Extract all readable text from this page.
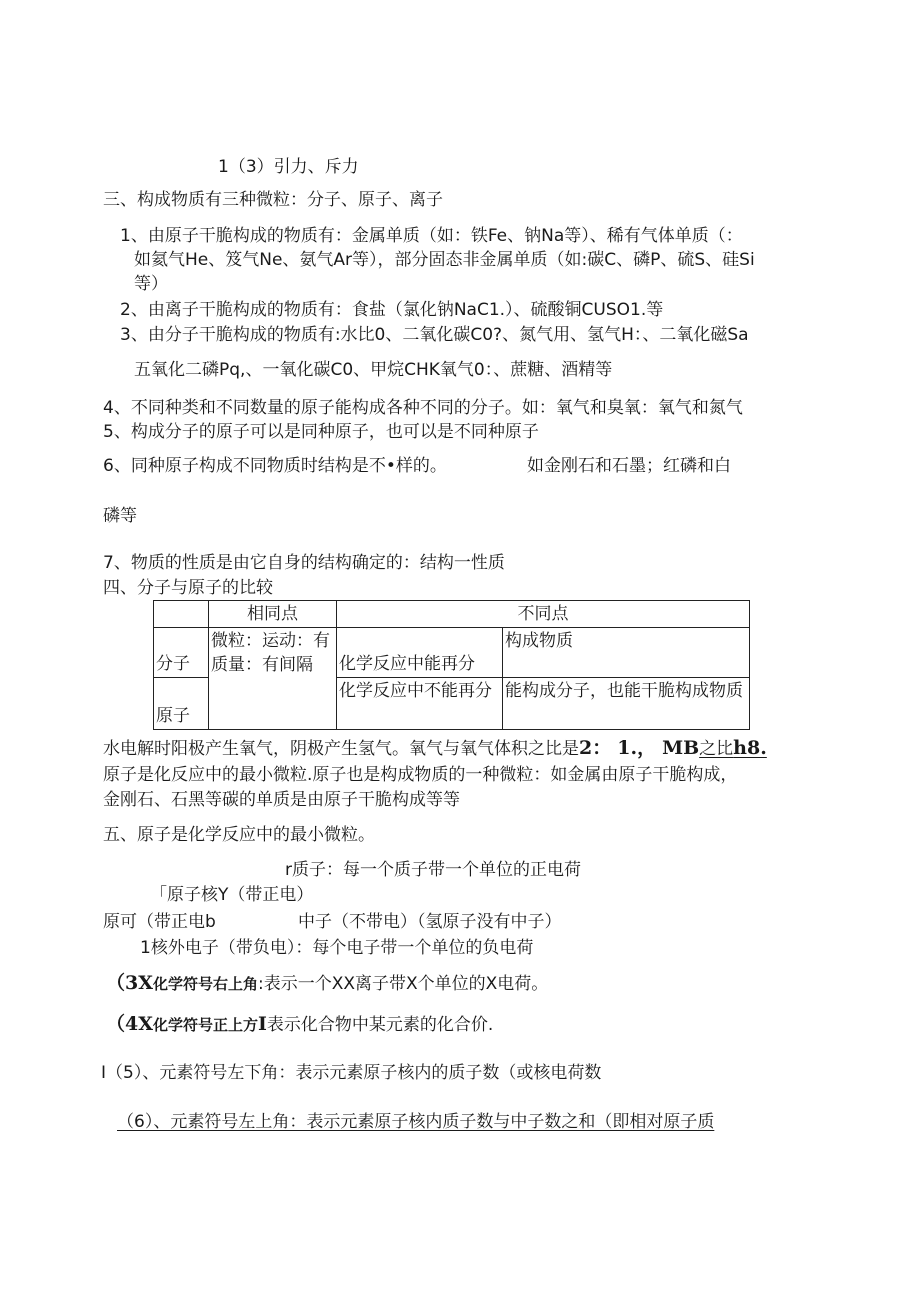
1（3）引力、斥力
三、构成物质有三种微粒：分子、原子、离子
1、由原子干脆构成的物质有：金属单质（如：铁Fe、钠Na等）、稀有气体单质（：
如氦气He、笈气Ne、氨气Ar等），部分固态非金属单质（如:碳C、磷P、硫S、硅Si
等）
2、由离子干脆构成的物质有：食盐（氯化钠NaC1.）、硫酸铜CUSO1.等
3、由分子干脆构成的物质有:水比0、二氧化碳C0?、氮气用、氢气H：、二氧化磁Sa
五氧化二磷Pq,、一氧化碳C0、甲烷CHK氧气0：、蔗糖、酒精等
4、不同种类和不同数量的原子能构成各种不同的分子。如：氧气和臭氧：氧气和氮气
5、构成分子的原子可以是同种原子，也可以是不同种原子
6、同种原子构成不同物质时结构是不•样的。	如金刚石和石墨；红磷和白
磷等
7、物质的性质是由它自身的结构确定的：结构一性质
四、分子与原子的比较
	相同点	不同点	
分子	微粒：运动：有质量：有间隔	化学反应中能再分	构成物质
原子		化学反应中不能再分	能构成分子，也能干脆构成物质
水电解时阳极产生氧气，阴极产生氢气。氧气与氧气体积之比是2： 1.， MB之比h8.
原子是化反应中的最小微粒.原子也是构成物质的一种微粒：如金属由原子干脆构成，
金刚石、石黑等碳的单质是由原子干脆构成等等
五、原子是化学反应中的最小微粒。
r质子：每一个质子带一个单位的正电荷
「原子核Y（带正电）
原可（带正电b	中子（不带电）（氢原子没有中子）
1核外电子（带负电）：每个电子带一个单位的负电荷
（3X化学符号右上角:表示一个XX离子带X个单位的X电荷。
（4X化学符号正上方I表示化合物中某元素的化合价.
I（5）、元素符号左下角：表示元素原子核内的质子数（或核电荷数
（6）、元素符号左上角：表示元素原子核内质子数与中子数之和（即相对原子质
